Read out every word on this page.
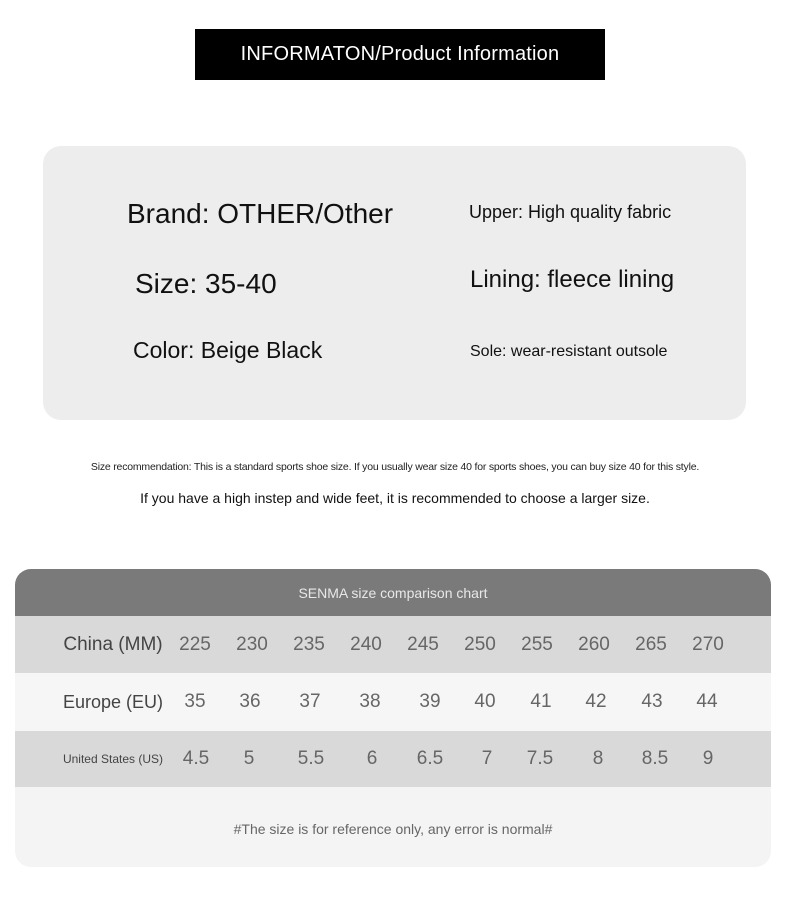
INFORMATON/Product Information
Brand: OTHER/Other
Size: 35-40
Color: Beige Black
Upper: High quality fabric
Lining: fleece lining
Sole: wear-resistant outsole
Size recommendation: This is a standard sports shoe size. If you usually wear size 40 for sports shoes, you can buy size 40 for this style.
If you have a high instep and wide feet, it is recommended to choose a larger size.
SENMA size comparison chart
China (MM) 225	230	235	240	245	250	255	260	265	270
Europe (EU)	35	36	37	38	39	40	41	42	43	44
United States (US)	4.5	5	5.5	6	6.5	7	7.5	8	8.5	9
#The size is for reference only, any error is normal#
